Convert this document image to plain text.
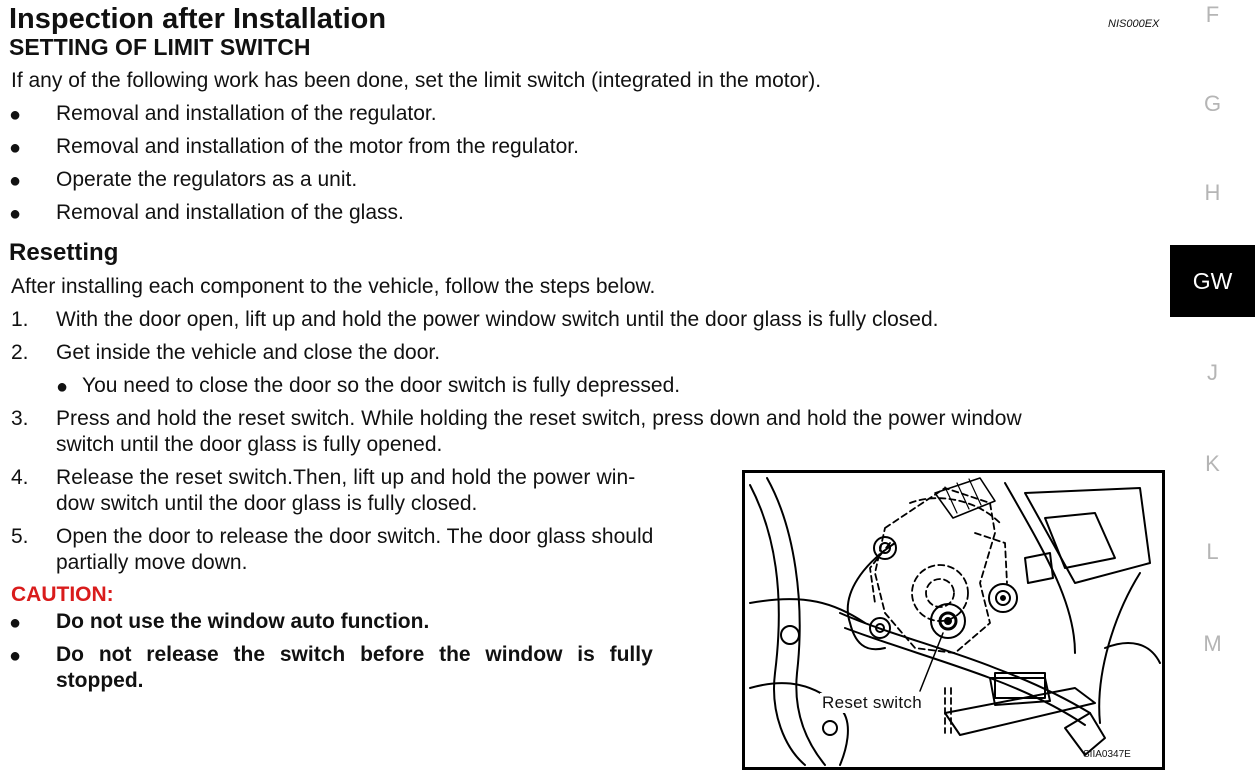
Inspection after Installation	NIS000EX
SETTING OF LIMIT SWITCH
If any of the following work has been done, set the limit switch (integrated in the motor).
● Removal and installation of the regulator.
● Removal and installation of the motor from the regulator.
● Operate the regulators as a unit.
● Removal and installation of the glass.
Resetting
After installing each component to the vehicle, follow the steps below.
1. With the door open, lift up and hold the power window switch until the door glass is fully closed.
2. Get inside the vehicle and close the door.
● You need to close the door so the door switch is fully depressed.
3. Press and hold the reset switch. While holding the reset switch, press down and hold the power window
switch until the door glass is fully opened.
4. Release the reset switch.Then, lift up and hold the power win-
dow switch until the door glass is fully closed.
5. Open the door to release the door switch. The door glass should
partially move down.
CAUTION:
● Do not use the window auto function.
● Do not release the switch before the window is fully
stopped.
F
G
H
GW
J
K
L
M
Reset switch
SIIA0347E
